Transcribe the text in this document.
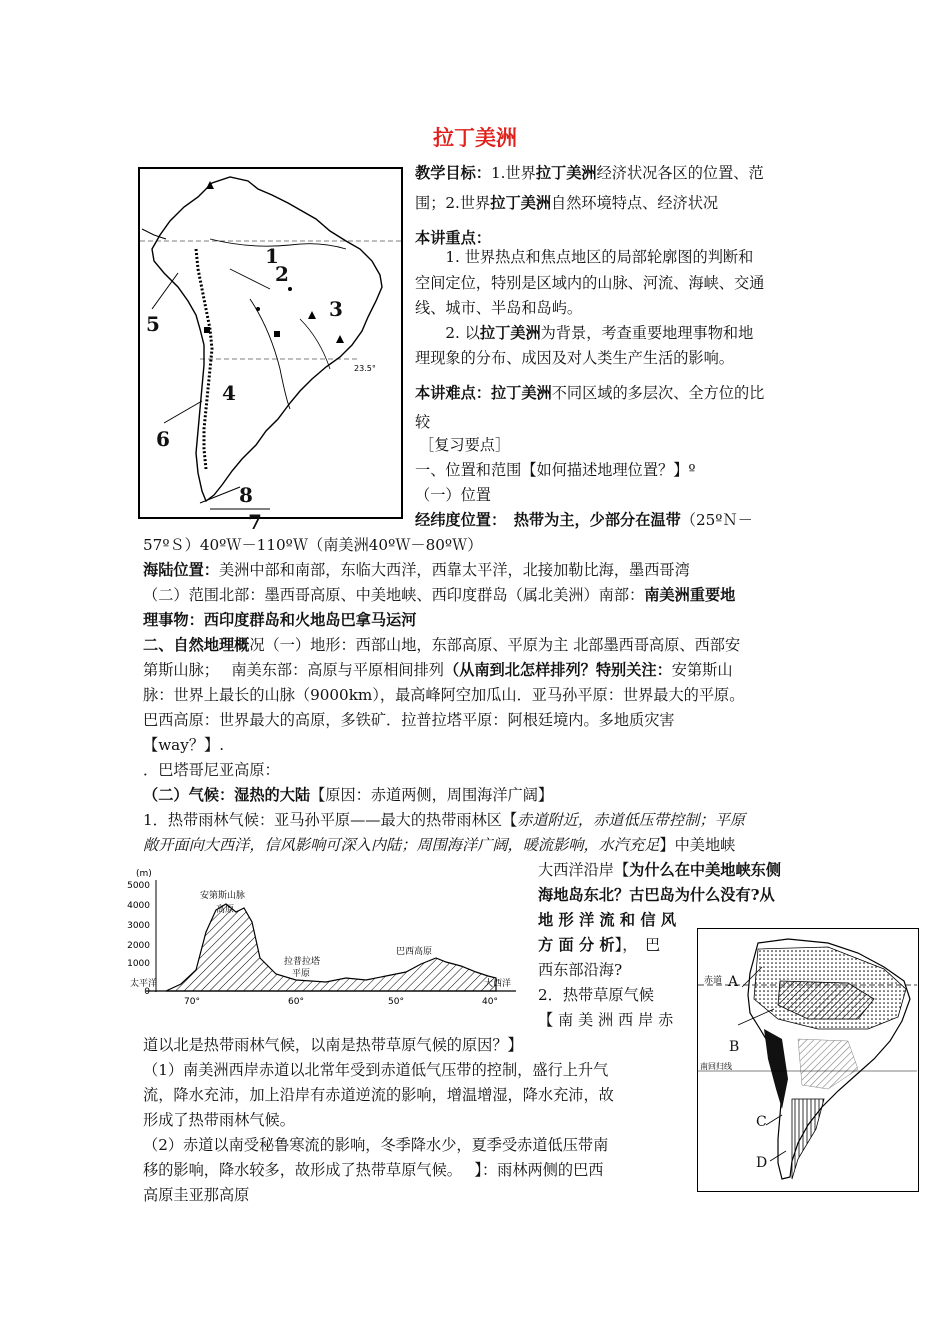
拉丁美洲
23.5°
1
2
3
4
5
6
7
8
教学目标：1.世界拉丁美洲经济状况各区的位置、范
围；2.世界拉丁美洲自然环境特点、经济状况
本讲重点：
　　1. 世界热点和焦点地区的局部轮廓图的判断和
空间定位，特别是区域内的山脉、河流、海峡、交通
线、城市、半岛和岛屿。
　　2. 以拉丁美洲为背景，考查重要地理事物和地
理现象的分布、成因及对人类生产生活的影响。
本讲难点：拉丁美洲不同区域的多层次、全方位的比
较
［复习要点］
一、位置和范围【如何描述地理位置？】º
（一）位置
经纬度位置：　热带为主，少部分在温带（25ºＮ－
57ºＳ）40ºＷ－110ºＷ（南美洲40ºＷ－80ºＷ）
海陆位置：美洲中部和南部，东临大西洋，西靠太平洋，北接加勒比海，墨西哥湾
（二）范围北部：墨西哥高原、中美地峡、西印度群岛（属北美洲）南部：南美洲重要地
理事物：西印度群岛和火地岛巴拿马运河
二、自然地理概况（一）地形：西部山地，东部高原、平原为主 北部墨西哥高原、西部安
第斯山脉；　 南美东部：高原与平原相间排列（从南到北怎样排列？特别关注：安第斯山
脉：世界上最长的山脉（9000km），最高峰阿空加瓜山．亚马孙平原：世界最大的平原。
巴西高原：世界最大的高原，多铁矿．拉普拉塔平原：阿根廷境内。多地质灾害
【way？】.
．巴塔哥尼亚高原：
（二）气候：湿热的大陆【原因：赤道两侧，周围海洋广阔】
1．热带雨林气候：亚马孙平原——最大的热带雨林区【赤道附近，赤道低压带控制；平原
敞开面向大西洋，信风影响可深入内陆；周围海洋广阔，暖流影响，水汽充足】中美地峡
大西洋沿岸【为什么在中美地峡东侧
海地岛东北？古巴岛为什么没有?从
地 形 洋 流 和 信 风
方 面 分 析】，　巴
西东部沿海?
2．热带草原气候
【 南 美 洲 西 岸 赤
道以北是热带雨林气候，以南是热带草原气候的原因？】
（1）南美洲西岸赤道以北常年受到赤道低气压带的控制，盛行上升气
流，降水充沛，加上沿岸有赤道逆流的影响，增温增湿，降水充沛，故
形成了热带雨林气候。
（2）赤道以南受秘鲁寒流的影响，冬季降水少，夏季受赤道低压带南
移的影响，降水较多，故形成了热带草原气候。　 】：雨林两侧的巴西
高原圭亚那高原
(m)
5000
4000
3000
2000
1000
0
安第斯山脉
高原
拉普拉塔
平原
巴西高原
太平洋	大西洋
70°	60°	50°	40°
赤道
南回归线
A
B
C
D
